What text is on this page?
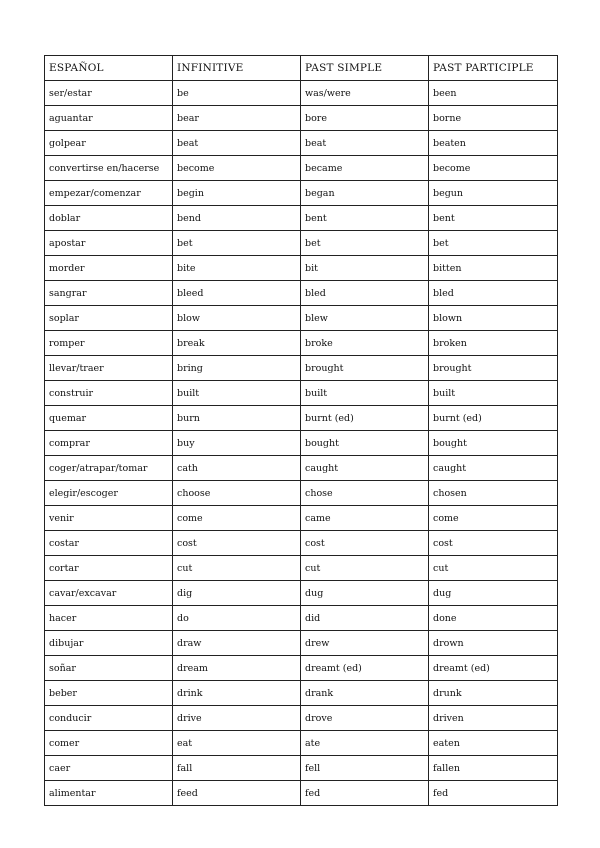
ESPAÑOL	INFINITIVE	PAST SIMPLE	PAST PARTICIPLE
ser/estar	be	was/were	been
aguantar	bear	bore	borne
golpear	beat	beat	beaten
convertirse en/hacerse	become	became	become
empezar/comenzar	begin	began	begun
doblar	bend	bent	bent
apostar	bet	bet	bet
morder	bite	bit	bitten
sangrar	bleed	bled	bled
soplar	blow	blew	blown
romper	break	broke	broken
llevar/traer	bring	brought	brought
construir	built	built	built
quemar	burn	burnt (ed)	burnt (ed)
comprar	buy	bought	bought
coger/atrapar/tomar	cath	caught	caught
elegir/escoger	choose	chose	chosen
venir	come	came	come
costar	cost	cost	cost
cortar	cut	cut	cut
cavar/excavar	dig	dug	dug
hacer	do	did	done
dibujar	draw	drew	drown
soñar	dream	dreamt (ed)	dreamt (ed)
beber	drink	drank	drunk
conducir	drive	drove	driven
comer	eat	ate	eaten
caer	fall	fell	fallen
alimentar	feed	fed	fed
